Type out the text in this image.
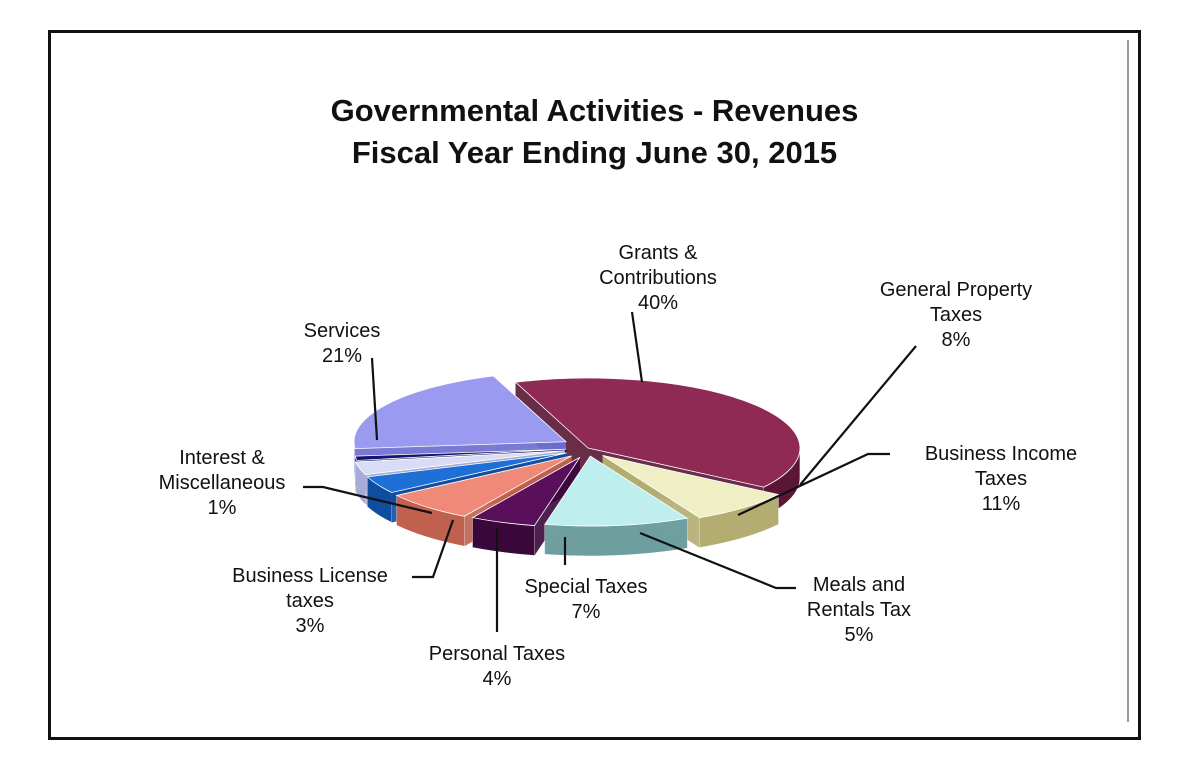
Governmental Activities - Revenues
Fiscal Year Ending June 30, 2015
Grants &
Contributions
40%
General Property
Taxes
8%
Business Income
Taxes
11%
Meals and
Rentals Tax
5%
Special Taxes
7%
Personal Taxes
4%
Business License
taxes
3%
Interest &
Miscellaneous
1%
Services
21%
